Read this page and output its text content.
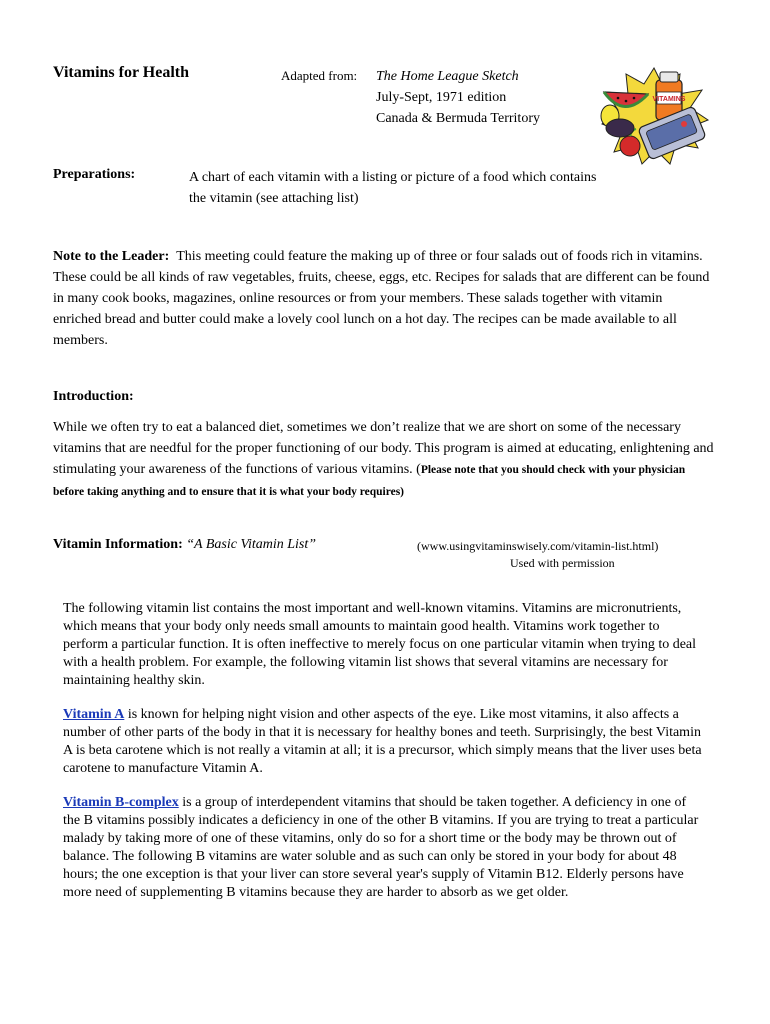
Vitamins for Health	Adapted from: The Home League Sketch
July-Sept, 1971 edition
Canada & Bermuda Territory
VITAMINS
Preparations:	A chart of each vitamin with a listing or picture of a food which contains the vitamin (see attaching list)
Note to the Leader: This meeting could feature the making up of three or four salads out of foods rich in vitamins. These could be all kinds of raw vegetables, fruits, cheese, eggs, etc. Recipes for salads that are different can be found in many cook books, magazines, online resources or from your members. These salads together with vitamin enriched bread and butter could make a lovely cool lunch on a hot day. The recipes can be made available to all members.
Introduction:
While we often try to eat a balanced diet, sometimes we don’t realize that we are short on some of the necessary vitamins that are needful for the proper functioning of our body. This program is aimed at educating, enlightening and stimulating your awareness of the functions of various vitamins. (Please note that you should check with your physician before taking anything and to ensure that it is what your body requires)
Vitamin Information: “A Basic Vitamin List”	(www.usingvitaminswisely.com/vitamin-list.html)
Used with permission

The following vitamin list contains the most important and well-known vitamins. Vitamins are micronutrients, which means that your body only needs small amounts to maintain good health. Vitamins work together to perform a particular function. It is often ineffective to merely focus on one particular vitamin when trying to deal with a health problem. For example, the following vitamin list shows that several vitamins are necessary for maintaining healthy skin.

Vitamin A is known for helping night vision and other aspects of the eye. Like most vitamins, it also affects a number of other parts of the body in that it is necessary for healthy bones and teeth. Surprisingly, the best Vitamin A is beta carotene which is not really a vitamin at all; it is a precursor, which simply means that the liver uses beta carotene to manufacture Vitamin A.

Vitamin B-complex is a group of interdependent vitamins that should be taken together. A deficiency in one of the B vitamins possibly indicates a deficiency in one of the other B vitamins. If you are trying to treat a particular malady by taking more of one of these vitamins, only do so for a short time or the body may be thrown out of balance. The following B vitamins are water soluble and as such can only be stored in your body for about 48 hours; the one exception is that your liver can store several year's supply of Vitamin B12. Elderly persons have more need of supplementing B vitamins because they are harder to absorb as we get older.
